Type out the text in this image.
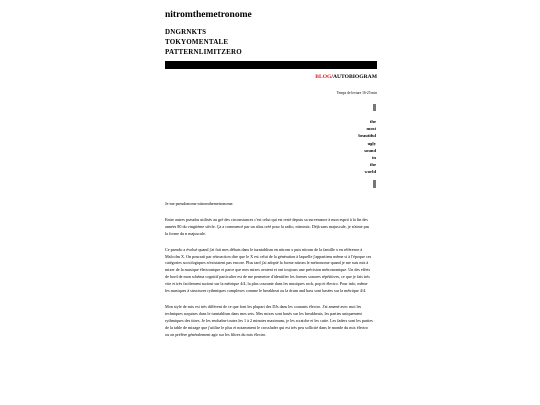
nitromthemetronome
DNGRNKTS
TOKYOMENTALE
PATTERNLIMITZERO
BLOG/AUTOBIOGRAM
Temps de lecture 16-25 min
the
most
beautiful
ugly
sound
in
the
world

Je me pseudonome nitromthemetronome.

Entre autres pseudos utilisés au gré des circonstances c'est celui qui est resté depuis sa survenance à mon esprit à la fin des années 80 du vingtième siècle. Ça a commencé par un alias créé pour la radio, nitromix. Déjà sans majuscule, je n'aime pas la forme du n majuscule.

Ce pseudo a évolué quand j'ai fait mes débuts dans le turntablism en nitrom x puis nitrom de la famille x en référence à Malcolm X. On pourrait par rétroaction dire que le X est celui de la génération à laquelle j'appartiens même si à l'époque ces catégories sociologiques n'existaient pas encore. Plus tard j'ai adopté la forme nitrom le métronome quand je me suis mis à mixer de la musique électronique et parce que mes mixes avaient et ont toujours une précision métronomique. Un des effets de bord de mon schéma cognitif particulier est de me permettre d'identifier les formes sonores répétitives, ce que je fais très vite et très facilement surtout sur la métrique 4/4, la plus courante dans les musiques rock, pop et électro. Pour info, même les musiques à structures rythmiques complexes comme le breakbeat ou la drum and bass sont basées sur la métrique 4/4.

Mon style de mix est très différent de ce que font les plupart des DJs dans les courants électro. J'ai amené avec moi les techniques acquises dans le turntablism dans mes sets. Mes mixes sont basés sur les breakbeats, les parties uniquement rythmiques des titres. Je les enchaîne toutes les 1 à 2 minutes maximum, je les scratche et les cutte. Les faders sont les parties de la table de mixage que j'utilise le plus et notamment le crossfader qui est très peu sollicité dans le monde du mix électro ou on préfère généralement agir sur les filtres du mix électro.
